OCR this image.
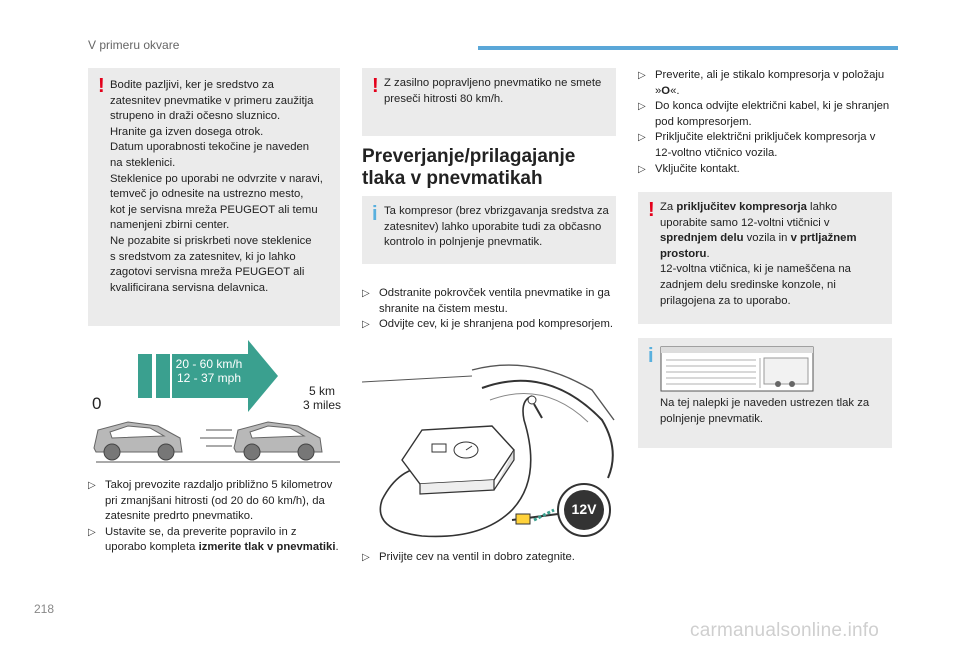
V primeru okvare
! Bodite pazljivi, ker je sredstvo za
zatesnitev pnevmatike v primeru zaužitja
strupeno in draži očesno sluznico.
Hranite ga izven dosega otrok.
Datum uporabnosti tekočine je naveden
na steklenici.
Steklenice po uporabi ne odvrzite v naravi,
temveč jo odnesite na ustrezno mesto,
kot je servisna mreža PEUGEOT ali temu
namenjeni zbirni center.
Ne pozabite si priskrbeti nove steklenice
s sredstvom za zatesnitev, ki jo lahko
zagotovi servisna mreža PEUGEOT ali
kvalificirana servisna delavnica.
20 - 60 km/h
12 - 37 mph
0
5 km
3 miles
▷ Takoj prevozite razdaljo približno 5 kilometrov pri zmanjšani hitrosti (od 20 do 60 km/h), da zatesnite predrto pnevmatiko.
▷ Ustavite se, da preverite popravilo in z uporabo kompleta izmerite tlak v pnevmatiki.
! Z zasilno popravljeno pnevmatiko ne smete preseči hitrosti 80 km/h.
Preverjanje/prilagajanje
tlaka v pnevmatikah
i Ta kompresor (brez vbrizgavanja sredstva za zatesnitev) lahko uporabite tudi za občasno kontrolo in polnjenje pnevmatik.
▷ Odstranite pokrovček ventila pnevmatike in ga shranite na čistem mestu.
▷ Odvijte cev, ki je shranjena pod kompresorjem.
12V
▷ Privijte cev na ventil in dobro zategnite.
▷ Preverite, ali je stikalo kompresorja v položaju »O«.
▷ Do konca odvijte električni kabel, ki je shranjen pod kompresorjem.
▷ Priključite električni priključek kompresorja v 12-voltno vtičnico vozila.
▷ Vključite kontakt.
! Za priključitev kompresorja lahko uporabite samo 12-voltni vtičnici v sprednjem delu vozila in v prtljažnem prostoru.
12-voltna vtičnica, ki je nameščena na zadnjem delu sredinske konzole, ni prilagojena za to uporabo.
i
Na tej nalepki je naveden ustrezen tlak za polnjenje pnevmatik.
218
carmanualsonline.info
